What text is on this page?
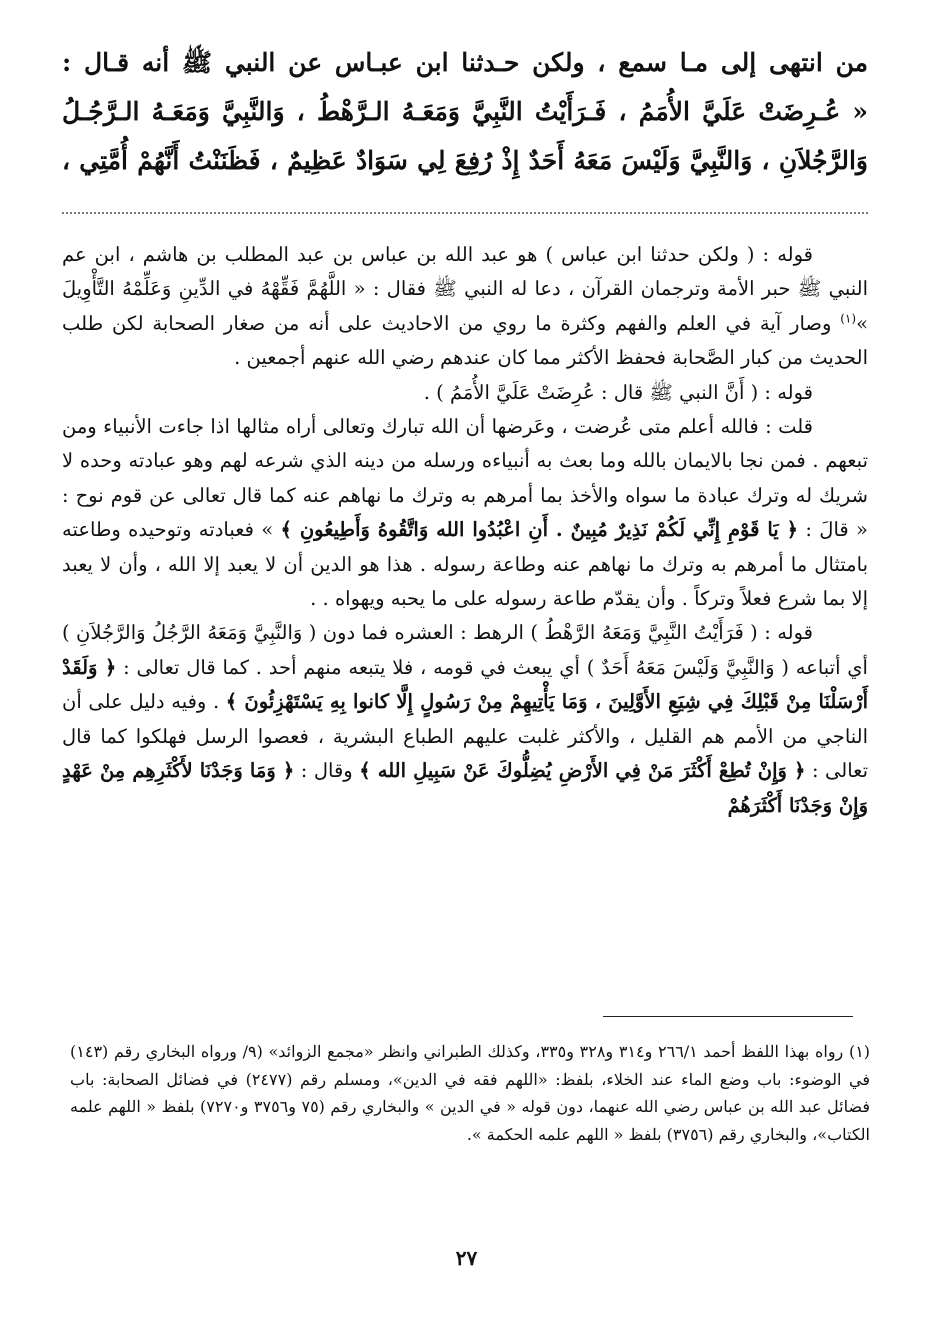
من انتهى إلى مـا سمع ، ولكن حـدثنا ابن عبـاس عن النبي ﷺ أنه قـال :

« عُـرِضَتْ عَلَيَّ الأُمَمُ ، فَـرَأَيْتُ النَّبِيَّ وَمَعَـهُ الـرَّهْطُ ، وَالنَّبِيَّ وَمَعَـهُ الـرَّجُـلُ

وَالرَّجُلاَنِ ، وَالنَّبِيَّ وَلَيْسَ مَعَهُ أَحَدٌ إِذْ رُفِعَ لِي سَوَادٌ عَظِيمٌ ، فَظَنَنْتُ أَنَّهُمْ أُمَّتِي ،

قوله : ( ولكن حدثنا ابن عباس ) هو عبد الله بن عباس بن عبد المطلب بن هاشم ، ابن عم النبي ﷺ حبر الأمة وترجمان القرآن ، دعا له النبي ﷺ فقال : « اللَّهُمَّ فَقِّهْهُ في الدِّينِ وَعَلِّمْهُ التَّأْوِيلَ »$^{(١)}$ وصار آية في العلم والفهم وكثرة ما روي من الاحاديث على أنه من صغار الصحابة لكن طلب الحديث من كبار الصَّحابة فحفظ الأكثر مما كان عندهم رضي الله عنهم أجمعين .

قوله : ( أَنَّ النبي ﷺ قال : عُرِضَتْ عَلَيَّ الأُمَمُ ) .

قلت : فالله أعلم متى عُرضت ، وعَرضها أن الله تبارك وتعالى أراه مثالها اذا جاءت الأنبياء ومن تبعهم . فمن نجا بالايمان بالله وما بعث به أنبياءه ورسله من دينه الذي شرعه لهم وهو عبادته وحده لا شريك له وترك عبادة ما سواه والأخذ بما أمرهم به وترك ما نهاهم عنه كما قال تعالى عن قوم نوح : « قالَ : ﴿ يَا قَوْمِ إِنِّي لَكُمْ نَذِيرٌ مُبِينٌ . أَنِ اعْبُدُوا الله وَاتَّقُوهُ وَأَطِيعُونِ ﴾ » فعبادته وتوحيده وطاعته بامتثال ما أمرهم به وترك ما نهاهم عنه وطاعة رسوله . هذا هو الدين أن لا يعبد إلا الله ، وأن لا يعبد إلا بما شرع فعلاً وتركاً . وأن يقدّم طاعة رسوله على ما يحبه ويهواه . .

قوله : ( فَرَأَيْتُ النَّبِيَّ وَمَعَهُ الرَّهْطُ ) الرهط : العشره فما دون ( وَالنَّبِيَّ وَمَعَهُ الرَّجُلُ وَالرَّجُلاَنِ ) أي أتباعه ( وَالنَّبِيَّ وَلَيْسَ مَعَهُ أَحَدٌ ) أي يبعث في قومه ، فلا يتبعه منهم أحد . كما قال تعالى : ﴿ وَلَقَدْ أَرْسَلْنَا مِنْ قَبْلِكَ فِي شِيَعِ الأَوَّلِينَ ، وَمَا يَأْتِيهِمْ مِنْ رَسُولٍ إِلَّا كانوا بِهِ يَسْتَهْزِئُونَ ﴾ . وفيه دليل على أن الناجي من الأمم هم القليل ، والأكثر غلبت عليهم الطباع البشرية ، فعصوا الرسل فهلكوا كما قال تعالى : ﴿ وَإِنْ تُطِعْ أَكْثَرَ مَنْ فِي الأَرْضِ يُضِلُّوكَ عَنْ سَبِيلِ الله ﴾ وقال : ﴿ وَمَا وَجَدْنَا لأَكْثَرِهِم مِنْ عَهْدٍ وَإِنْ وَجَدْنَا أَكْثَرَهُمْ

(١) رواه بهذا اللفظ أحمد ٢٦٦/١ و٣١٤ و٣٢٨ و٣٣٥، وكذلك الطبراني وانظر «مجمع الزوائد» (٩/ ورواه البخاري رقم (١٤٣) في الوضوء: باب وضع الماء عند الخلاء، بلفظ: «اللهم فقه في الدين»، ومسلم رقم (٢٤٧٧) في فضائل الصحابة: باب فضائل عبد الله بن عباس رضي الله عنهما، دون قوله « في الدين » والبخاري رقم (٧٥ و٣٧٥٦ و٧٢٧٠) بلفظ « اللهم علمه الكتاب»، والبخاري رقم (٣٧٥٦) بلفظ « اللهم علمه الحكمة ».

٢٧
